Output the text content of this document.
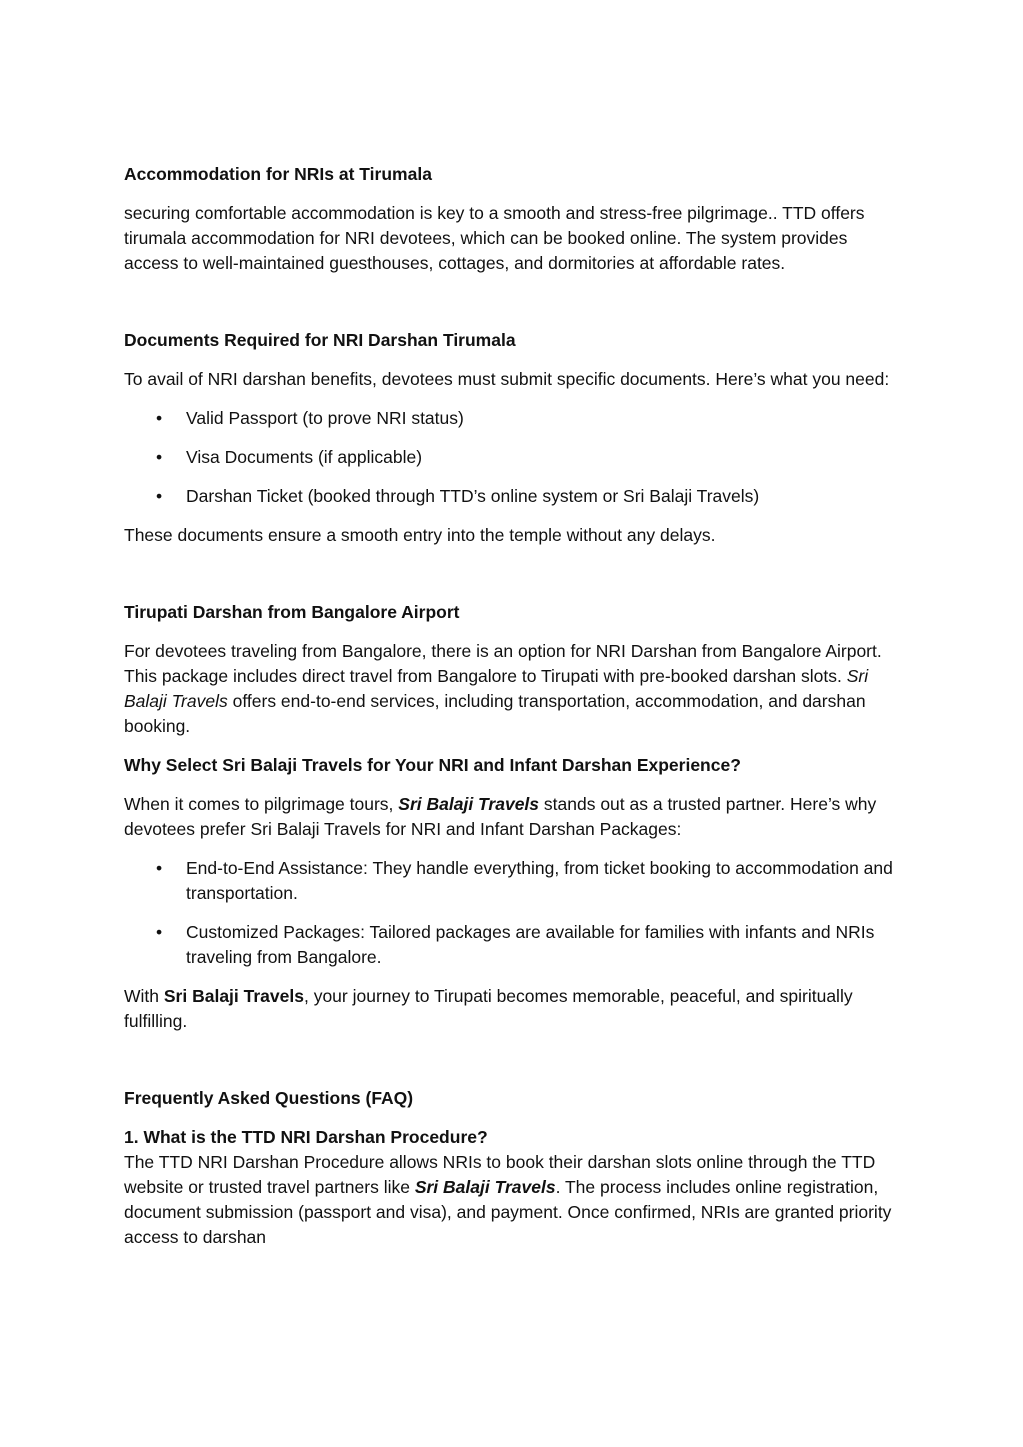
Accommodation for NRIs at Tirumala

securing comfortable accommodation is key to a smooth and stress-free pilgrimage.. TTD offers tirumala accommodation for NRI devotees, which can be booked online. The system provides access to well-maintained guesthouses, cottages, and dormitories at affordable rates.

Documents Required for NRI Darshan Tirumala

To avail of NRI darshan benefits, devotees must submit specific documents. Here’s what you need:

• Valid Passport (to prove NRI status)
• Visa Documents (if applicable)
• Darshan Ticket (booked through TTD’s online system or Sri Balaji Travels)

These documents ensure a smooth entry into the temple without any delays.

Tirupati Darshan from Bangalore Airport

For devotees traveling from Bangalore, there is an option for NRI Darshan from Bangalore Airport. This package includes direct travel from Bangalore to Tirupati with pre-booked darshan slots. Sri Balaji Travels offers end-to-end services, including transportation, accommodation, and darshan booking.

Why Select Sri Balaji Travels for Your NRI and Infant Darshan Experience?

When it comes to pilgrimage tours, Sri Balaji Travels stands out as a trusted partner. Here’s why devotees prefer Sri Balaji Travels for NRI and Infant Darshan Packages:

• End-to-End Assistance: They handle everything, from ticket booking to accommodation and transportation.
• Customized Packages: Tailored packages are available for families with infants and NRIs traveling from Bangalore.

With Sri Balaji Travels, your journey to Tirupati becomes memorable, peaceful, and spiritually fulfilling.

Frequently Asked Questions (FAQ)

1. What is the TTD NRI Darshan Procedure?

The TTD NRI Darshan Procedure allows NRIs to book their darshan slots online through the TTD website or trusted travel partners like Sri Balaji Travels. The process includes online registration, document submission (passport and visa), and payment. Once confirmed, NRIs are granted priority access to darshan
